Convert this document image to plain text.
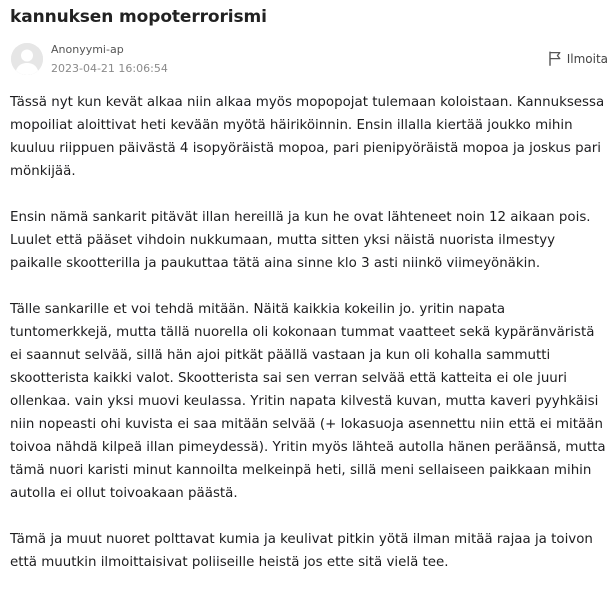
kannuksen mopoterrorismi
Anonyymi-ap
2023-04-21 16:06:54
Ilmoita

Tässä nyt kun kevät alkaa niin alkaa myös mopopojat tulemaan koloistaan. Kannuksessa mopoiliat aloittivat heti kevään myötä häiriköinnin. Ensin illalla kiertää joukko mihin kuuluu riippuen päivästä 4 isopyöräistä mopoa, pari pienipyöräistä mopoa ja joskus pari mönkijää.

Ensin nämä sankarit pitävät illan hereillä ja kun he ovat lähteneet noin 12 aikaan pois. Luulet että pääset vihdoin nukkumaan, mutta sitten yksi näistä nuorista ilmestyy paikalle skootterilla ja paukuttaa tätä aina sinne klo 3 asti niinkö viimeyönäkin.

Tälle sankarille et voi tehdä mitään. Näitä kaikkia kokeilin jo. yritin napata tuntomerkkejä, mutta tällä nuorella oli kokonaan tummat vaatteet sekä kypäränväristä ei saannut selvää, sillä hän ajoi pitkät päällä vastaan ja kun oli kohalla sammutti skootterista kaikki valot. Skootterista sai sen verran selvää että katteita ei ole juuri ollenkaa. vain yksi muovi keulassa. Yritin napata kilvestä kuvan, mutta kaveri pyyhkäisi niin nopeasti ohi kuvista ei saa mitään selvää (+ lokasuoja asennettu niin että ei mitään toivoa nähdä kilpeä illan pimeydessä). Yritin myös lähteä autolla hänen peräänsä, mutta tämä nuori karisti minut kannoilta melkeinpä heti, sillä meni sellaiseen paikkaan mihin autolla ei ollut toivoakaan päästä.

Tämä ja muut nuoret polttavat kumia ja keulivat pitkin yötä ilman mitää rajaa ja toivon että muutkin ilmoittaisivat poliiseille heistä jos ette sitä vielä tee.
